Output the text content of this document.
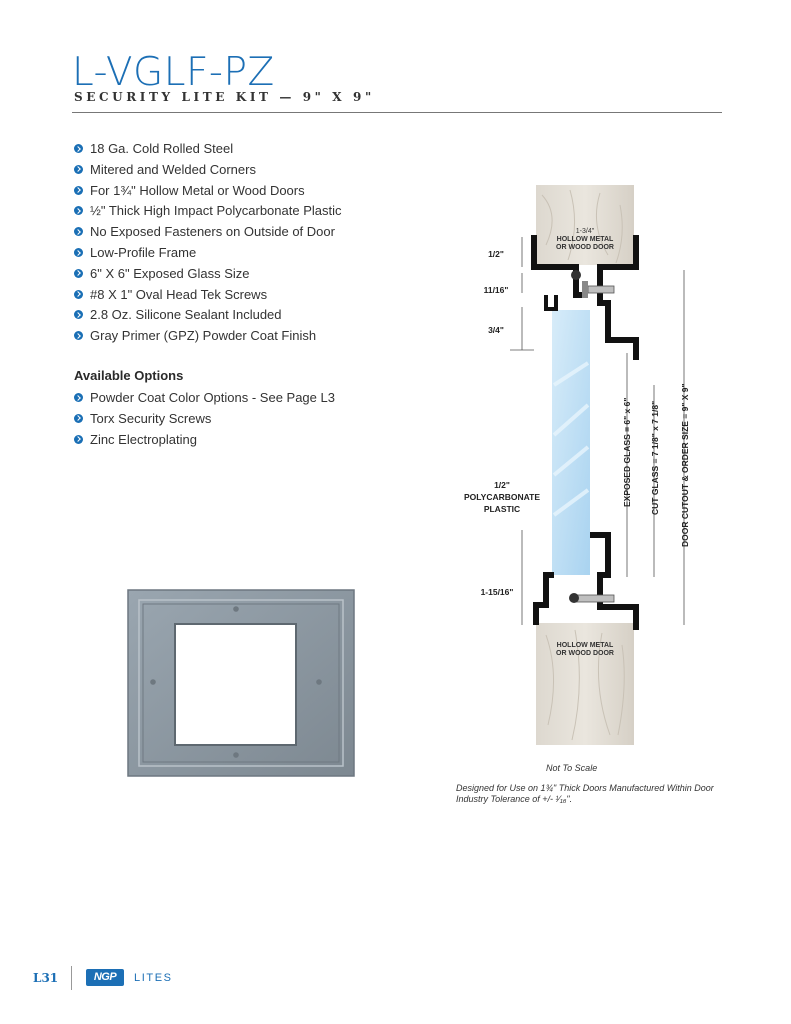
L-VGLF-PZ
SECURITY LITE KIT — 9" X 9"
18 Ga. Cold Rolled Steel
Mitered and Welded Corners
For 1¾" Hollow Metal or Wood Doors
½" Thick High Impact Polycarbonate Plastic
No Exposed Fasteners on Outside of Door
Low-Profile Frame
6" X 6" Exposed Glass Size
#8 X 1" Oval Head Tek Screws
2.8 Oz. Silicone Sealant Included
Gray Primer (GPZ) Powder Coat Finish
Available Options
Powder Coat Color Options - See Page L3
Torx Security Screws
Zinc Electroplating
1-3/4"
HOLLOW METAL
OR WOOD DOOR
HOLLOW METAL
OR WOOD DOOR
1/2"
11/16"
3/4"
1/2"
POLYCARBONATE
PLASTIC
1-15/16"
EXPOSED GLASS = 6" x 6" CUT GLASS = 7 1/8" x 7 1/8" DOOR CUTOUT & ORDER SIZE = 9" X 9"
Not To Scale
Designed for Use on 1¾" Thick Doors Manufactured Within Door Industry Tolerance of +/- ¹⁄₁₆".
L31	NGP	LITES
